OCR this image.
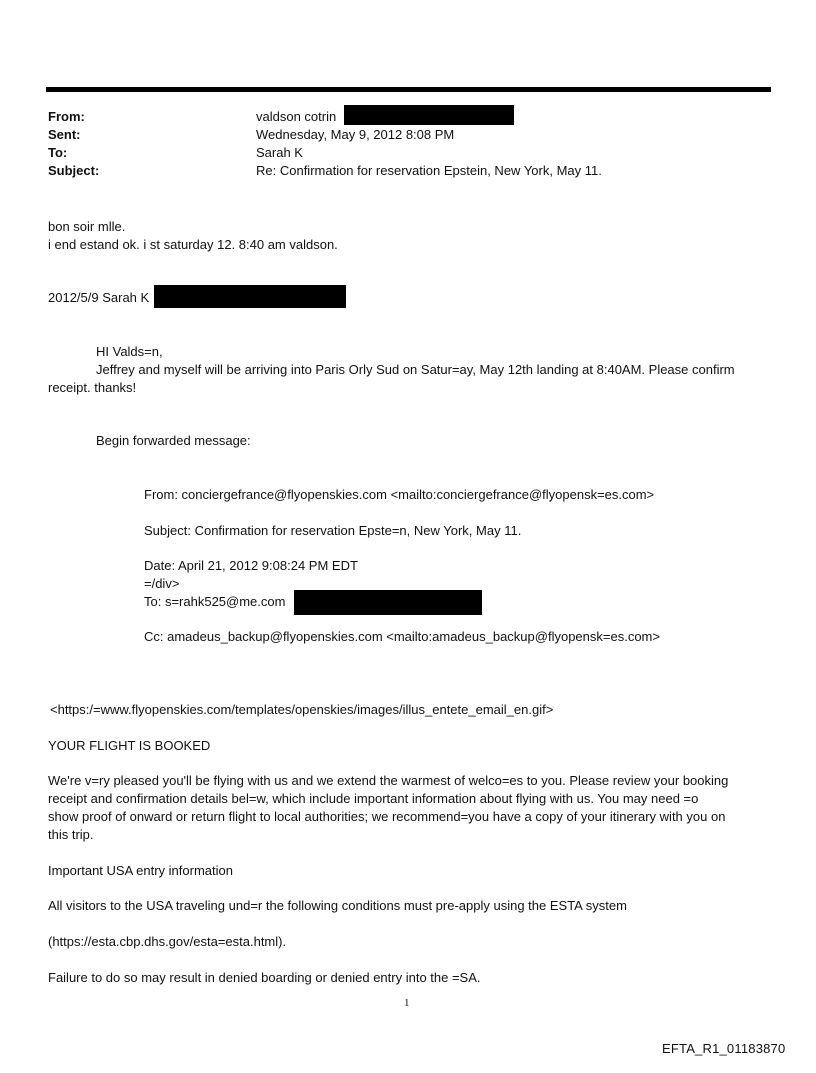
From:	valdson cotrin
Sent:	Wednesday, May 9, 2012 8:08 PM
To:	Sarah K
Subject:	Re: Confirmation for reservation Epstein, New York, May 11.
bon soir mlle.
i end estand ok. i st saturday 12. 8:40 am valdson.
2012/5/9 Sarah K
HI Valds=n,
Jeffrey and myself will be arriving into Paris Orly Sud on Satur=ay, May 12th landing at 8:40AM. Please confirm
receipt. thanks!
Begin forwarded message:
From: conciergefrance@flyopenskies.com <mailto:conciergefrance@flyopensk=es.com>
Subject: Confirmation for reservation Epste=n, New York, May 11.
Date: April 21, 2012 9:08:24 PM EDT
=/div>
To: s=rahk525@me.com
Cc: amadeus_backup@flyopenskies.com <mailto:amadeus_backup@flyopensk=es.com>
<https:/=www.flyopenskies.com/templates/openskies/images/illus_entete_email_en.gif>
YOUR FLIGHT IS BOOKED
We're v=ry pleased you'll be flying with us and we extend the warmest of welco=es to you. Please review your booking
receipt and confirmation details bel=w, which include important information about flying with us. You may need =o
show proof of onward or return flight to local authorities; we recommend=you have a copy of your itinerary with you on
this trip.
Important USA entry information
All visitors to the USA traveling und=r the following conditions must pre-apply using the ESTA system
(https://esta.cbp.dhs.gov/esta=esta.html).
Failure to do so may result in denied boarding or denied entry into the =SA.
1
EFTA_R1_01183870
